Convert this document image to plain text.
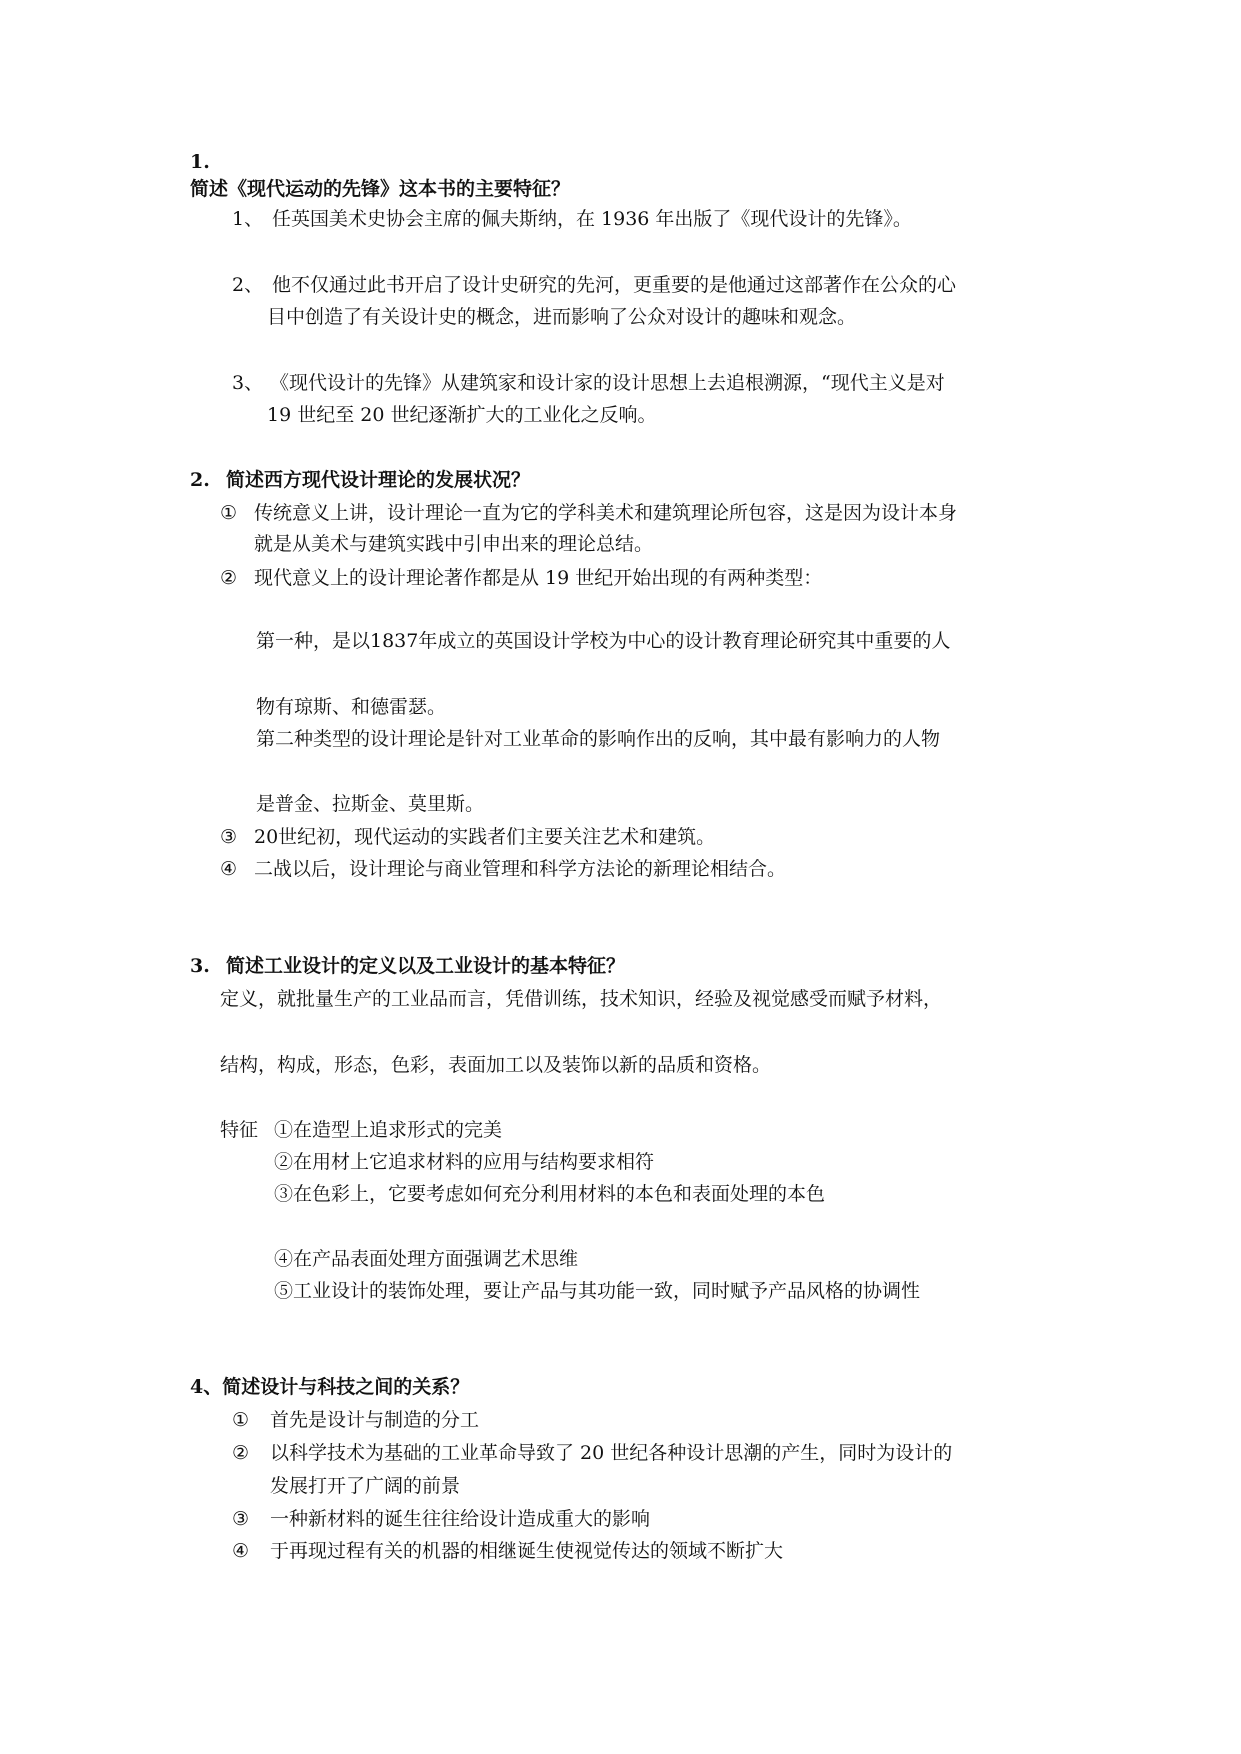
1.
简述《现代运动的先锋》这本书的主要特征？
1、 任英国美术史协会主席的佩夫斯纳，在 1936 年出版了《现代设计的先锋》。
2、 他不仅通过此书开启了设计史研究的先河，更重要的是他通过这部著作在公众的心
目中创造了有关设计史的概念，进而影响了公众对设计的趣味和观念。
3、 《现代设计的先锋》从建筑家和设计家的设计思想上去追根溯源，“现代主义是对
19 世纪至 20 世纪逐渐扩大的工业化之反响。
2. 简述西方现代设计理论的发展状况？
① 传统意义上讲，设计理论一直为它的学科美术和建筑理论所包容，这是因为设计本身
就是从美术与建筑实践中引申出来的理论总结。
② 现代意义上的设计理论著作都是从 19 世纪开始出现的有两种类型：
第一种，是以1837年成立的英国设计学校为中心的设计教育理论研究其中重要的人
物有琼斯、和德雷瑟。
第二种类型的设计理论是针对工业革命的影响作出的反响，其中最有影响力的人物
是普金、拉斯金、莫里斯。
③ 20世纪初，现代运动的实践者们主要关注艺术和建筑。
④ 二战以后，设计理论与商业管理和科学方法论的新理论相结合。
3. 简述工业设计的定义以及工业设计的基本特征？
定义，就批量生产的工业品而言，凭借训练，技术知识，经验及视觉感受而赋予材料，
结构，构成，形态，色彩，表面加工以及装饰以新的品质和资格。
特征 ①在造型上追求形式的完美
②在用材上它追求材料的应用与结构要求相符
③在色彩上，它要考虑如何充分利用材料的本色和表面处理的本色
④在产品表面处理方面强调艺术思维
⑤工业设计的装饰处理，要让产品与其功能一致，同时赋予产品风格的协调性
4、简述设计与科技之间的关系？
① 首先是设计与制造的分工
② 以科学技术为基础的工业革命导致了 20 世纪各种设计思潮的产生，同时为设计的
发展打开了广阔的前景
③ 一种新材料的诞生往往给设计造成重大的影响
④ 于再现过程有关的机器的相继诞生使视觉传达的领域不断扩大
